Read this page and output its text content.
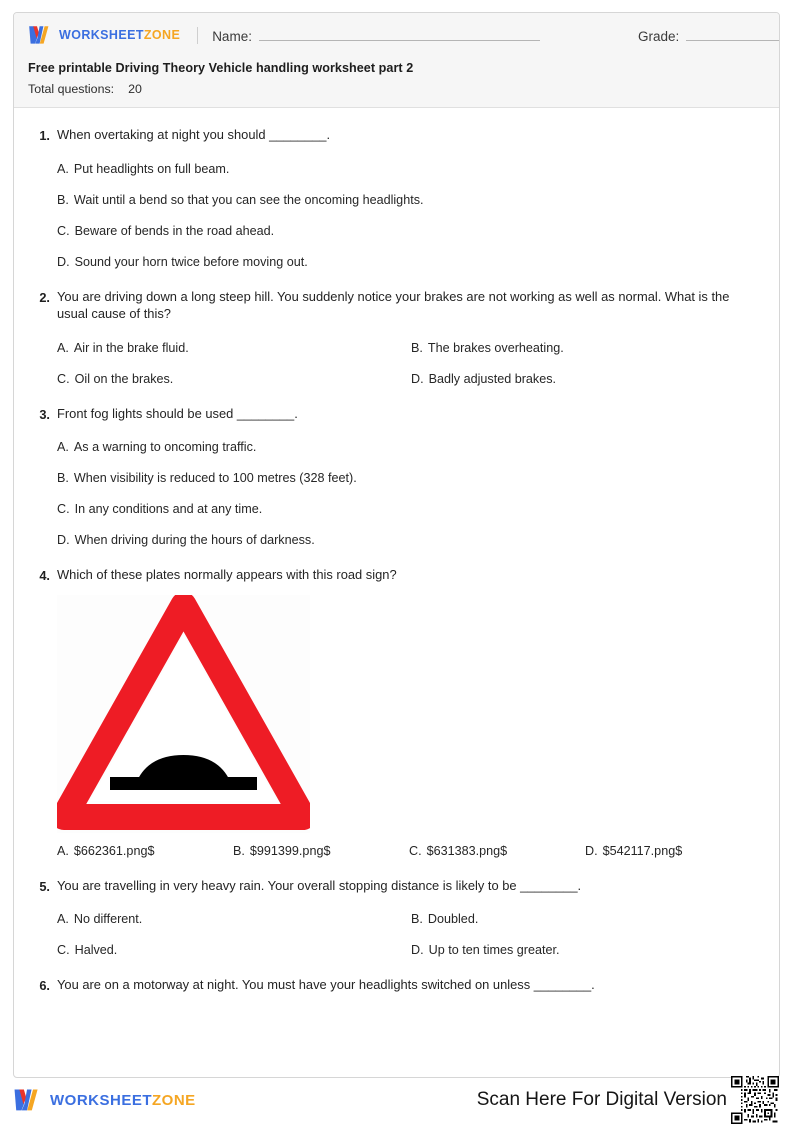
WORKSHEETZONE Name:	Grade:
Free printable Driving Theory Vehicle handling worksheet part 2
Total questions: 20
1. When overtaking at night you should ________.
A. Put headlights on full beam.
B. Wait until a bend so that you can see the oncoming headlights.
C. Beware of bends in the road ahead.
D. Sound your horn twice before moving out.
2. You are driving down a long steep hill. You suddenly notice your brakes are not working as well as normal. What is the usual cause of this?
A. Air in the brake fluid.	B. The brakes overheating.
C. Oil on the brakes.	D. Badly adjusted brakes.
3. Front fog lights should be used ________.
A. As a warning to oncoming traffic.
B. When visibility is reduced to 100 metres (328 feet).
C. In any conditions and at any time.
D. When driving during the hours of darkness.
4. Which of these plates normally appears with this road sign?
A. $662361.png$	B. $991399.png$	C. $631383.png$	D. $542117.png$
5. You are travelling in very heavy rain. Your overall stopping distance is likely to be ________.
A. No different.	B. Doubled.
C. Halved.	D. Up to ten times greater.
6. You are on a motorway at night. You must have your headlights switched on unless ________.
WORKSHEETZONE	Scan Here For Digital Version
